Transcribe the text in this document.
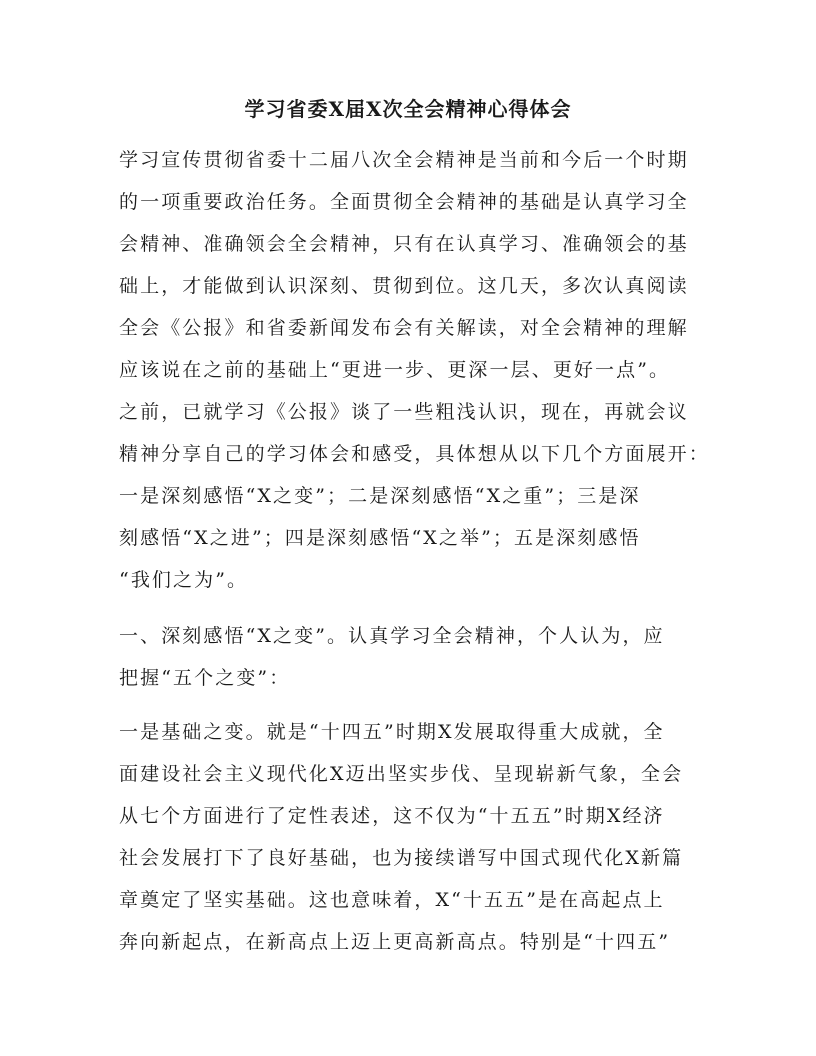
学习省委X届X次全会精神心得体会
学习宣传贯彻省委十二届八次全会精神是当前和今后一个时期
的一项重要政治任务。全面贯彻全会精神的基础是认真学习全
会精神、准确领会全会精神，只有在认真学习、准确领会的基
础上，才能做到认识深刻、贯彻到位。这几天，多次认真阅读
全会《公报》和省委新闻发布会有关解读，对全会精神的理解
应该说在之前的基础上“更进一步、更深一层、更好一点”。
之前，已就学习《公报》谈了一些粗浅认识，现在，再就会议
精神分享自己的学习体会和感受，具体想从以下几个方面展开：
一是深刻感悟“X之变”；二是深刻感悟“X之重”；三是深
刻感悟“X之进”；四是深刻感悟“X之举”；五是深刻感悟
“我们之为”。
一、深刻感悟“X之变”。认真学习全会精神，个人认为，应
把握“五个之变”：
一是基础之变。就是“十四五”时期X发展取得重大成就，全
面建设社会主义现代化X迈出坚实步伐、呈现崭新气象，全会
从七个方面进行了定性表述，这不仅为“十五五”时期X经济
社会发展打下了良好基础，也为接续谱写中国式现代化X新篇
章奠定了坚实基础。这也意味着，X“十五五”是在高起点上
奔向新起点，在新高点上迈上更高新高点。特别是“十四五”
